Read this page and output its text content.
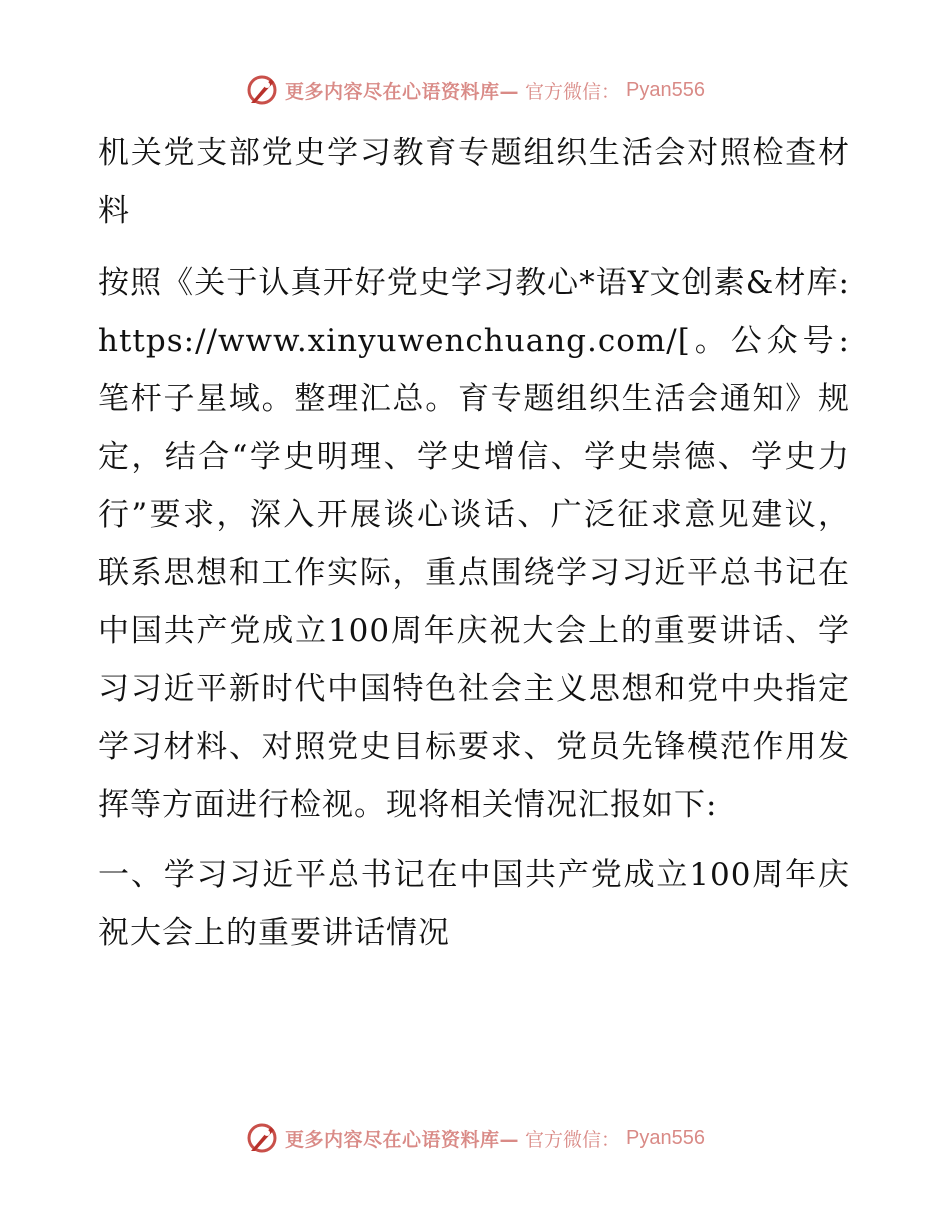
更多内容尽在心语资料库— 官方微信： Pyan556

机关党支部党史学习教育专题组织生活会对照检查材料

按照《关于认真开好党史学习教心*语Ұ文创素&材库: https://www.xinyuwenchuang.com/[。公众号: 笔杆子星域。整理汇总。育专题组织生活会通知》规定，结合“学史明理、学史增信、学史崇德、学史力行”要求，深入开展谈心谈话、广泛征求意见建议，联系思想和工作实际，重点围绕学习习近平总书记在中国共产党成立100周年庆祝大会上的重要讲话、学习习近平新时代中国特色社会主义思想和党中央指定学习材料、对照党史目标要求、党员先锋模范作用发挥等方面进行检视。现将相关情况汇报如下:

一、学习习近平总书记在中国共产党成立100周年庆祝大会上的重要讲话情况

更多内容尽在心语资料库— 官方微信： Pyan556
